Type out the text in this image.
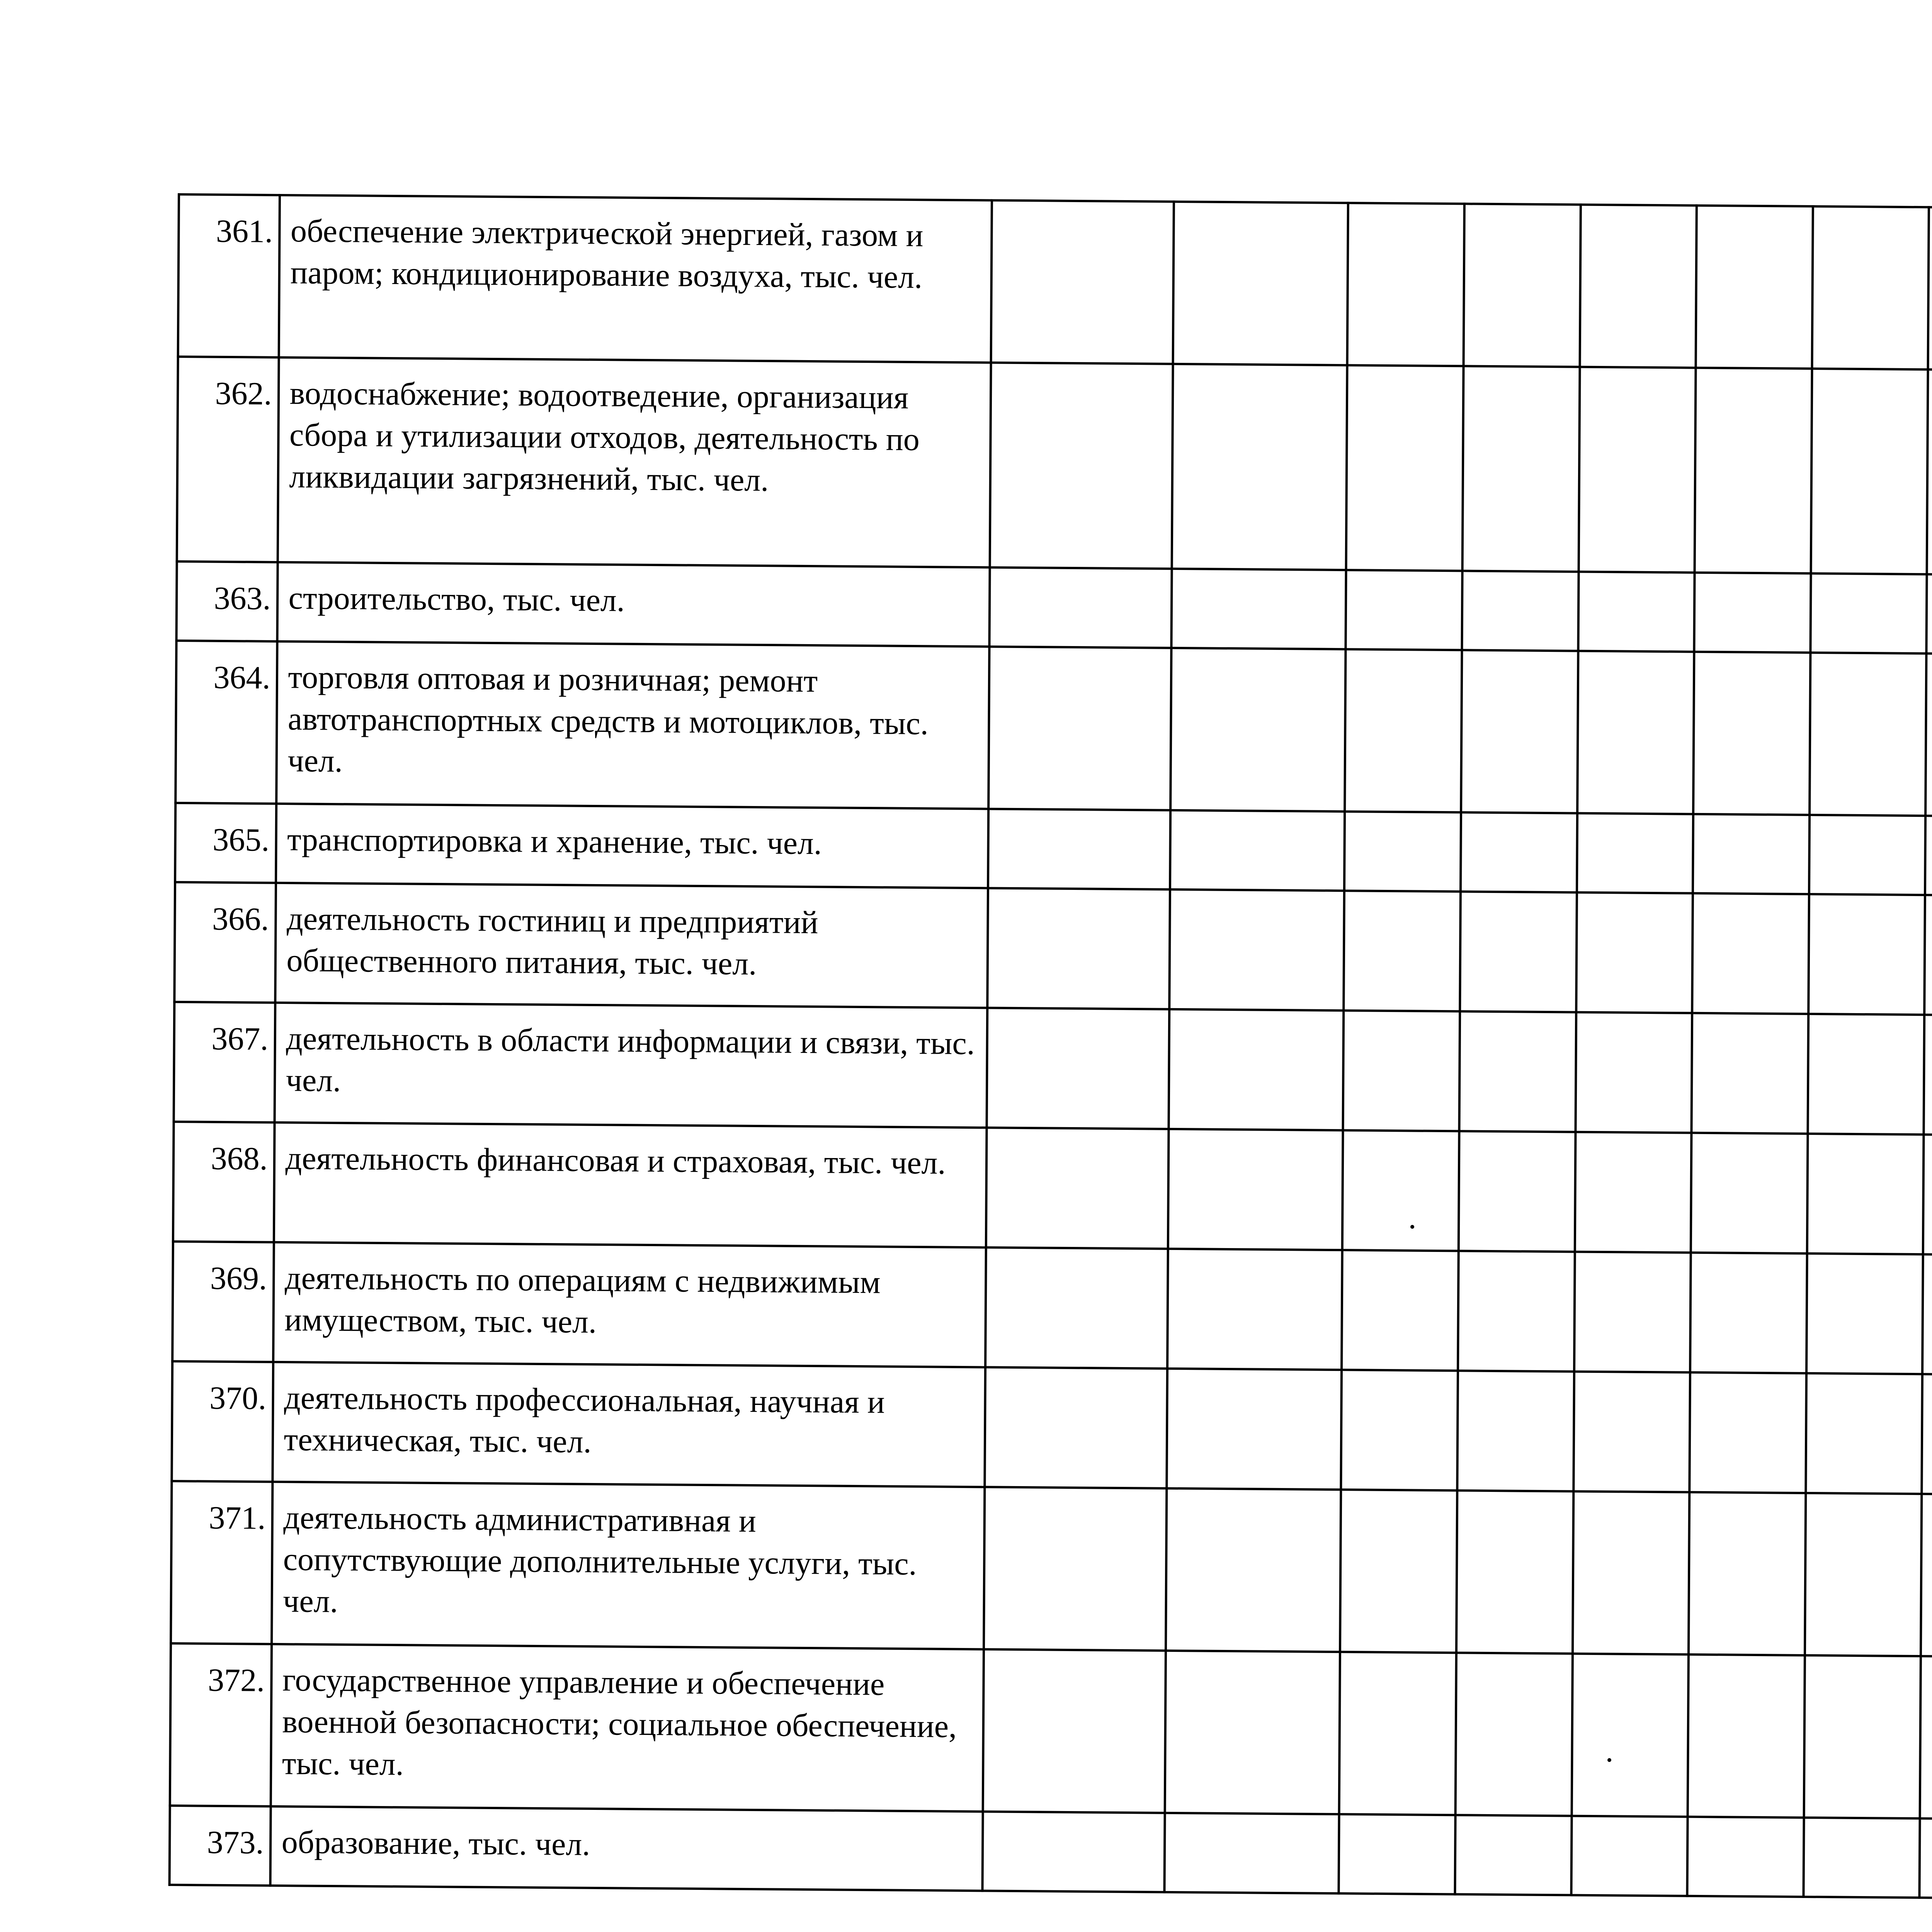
361.	обеспечение электрической энергией, газом и паром; кондиционирование воздуха, тыс. чел.														
362.	водоснабжение; водоотведение, организация сбора и утилизации отходов, деятельность по ликвидации загрязнений, тыс. чел.														
363.	строительство, тыс. чел.														
364.	торговля оптовая и розничная; ремонт автотранспортных средств и мотоциклов, тыс. чел.														
365.	транспортировка и хранение, тыс. чел.														
366.	деятельность гостиниц и предприятий общественного питания, тыс. чел.														
367.	деятельность в области информации и связи, тыс. чел.														
368.	деятельность финансовая и страховая, тыс. чел.														
369.	деятельность по операциям с недвижимым имуществом, тыс. чел.														
370.	деятельность профессиональная, научная и техническая, тыс. чел.														
371.	деятельность административная и сопутствующие дополнительные услуги, тыс. чел.														
372.	государственное управление и обеспечение военной безопасности; социальное обеспечение, тыс. чел.														
373.	образование, тыс. чел.														
